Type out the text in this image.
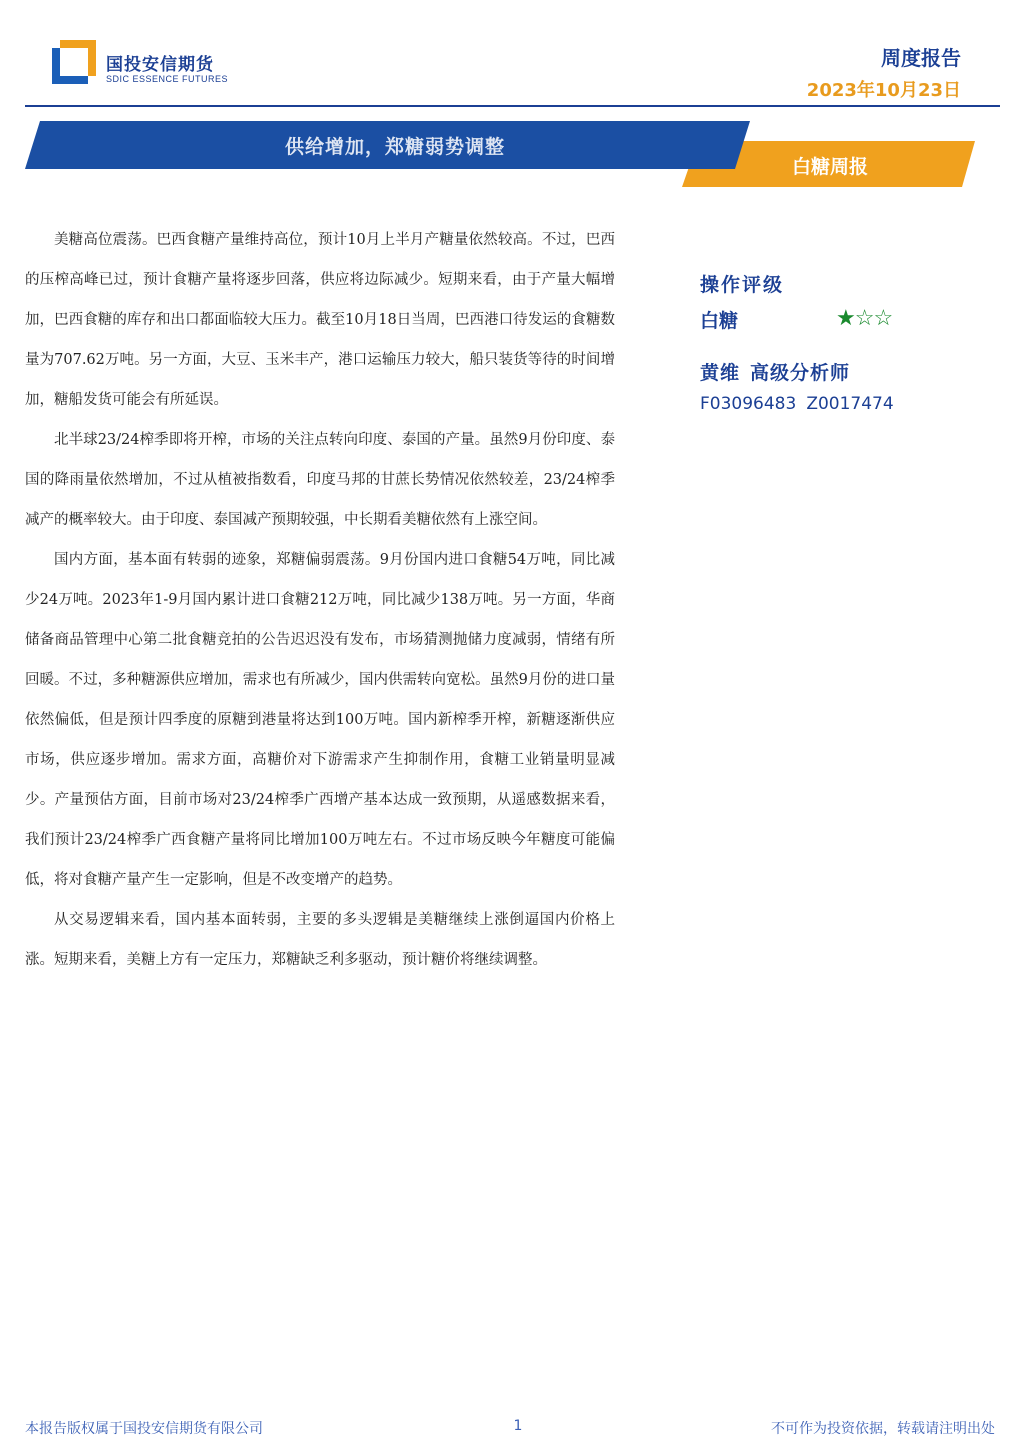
国投安信期货
SDIC ESSENCE FUTURES
周度报告
2023年10月23日
供给增加，郑糖弱势调整
白糖周报

美糖高位震荡。巴西食糖产量维持高位，预计10月上半月产糖量依然较高。不过，巴西的压榨高峰已过，预计食糖产量将逐步回落，供应将边际减少。短期来看，由于产量大幅增加，巴西食糖的库存和出口都面临较大压力。截至10月18日当周，巴西港口待发运的食糖数量为707.62万吨。另一方面，大豆、玉米丰产，港口运输压力较大，船只装货等待的时间增加，糖船发货可能会有所延误。

北半球23/24榨季即将开榨，市场的关注点转向印度、泰国的产量。虽然9月份印度、泰国的降雨量依然增加，不过从植被指数看，印度马邦的甘蔗长势情况依然较差，23/24榨季减产的概率较大。由于印度、泰国减产预期较强，中长期看美糖依然有上涨空间。

国内方面，基本面有转弱的迹象，郑糖偏弱震荡。9月份国内进口食糖54万吨，同比减少24万吨。2023年1-9月国内累计进口食糖212万吨，同比减少138万吨。另一方面，华商储备商品管理中心第二批食糖竞拍的公告迟迟没有发布，市场猜测抛储力度减弱，情绪有所回暖。不过，多种糖源供应增加，需求也有所减少，国内供需转向宽松。虽然9月份的进口量依然偏低，但是预计四季度的原糖到港量将达到100万吨。国内新榨季开榨，新糖逐渐供应市场，供应逐步增加。需求方面，高糖价对下游需求产生抑制作用，食糖工业销量明显减少。产量预估方面，目前市场对23/24榨季广西增产基本达成一致预期，从遥感数据来看，我们预计23/24榨季广西食糖产量将同比增加100万吨左右。不过市场反映今年糖度可能偏低，将对食糖产量产生一定影响，但是不改变增产的趋势。

从交易逻辑来看，国内基本面转弱，主要的多头逻辑是美糖继续上涨倒逼国内价格上涨。短期来看，美糖上方有一定压力，郑糖缺乏利多驱动，预计糖价将继续调整。

操作评级
白糖	★☆☆
黄维 高级分析师
F03096483 Z0017474
本报告版权属于国投安信期货有限公司	1	不可作为投资依据，转载请注明出处
